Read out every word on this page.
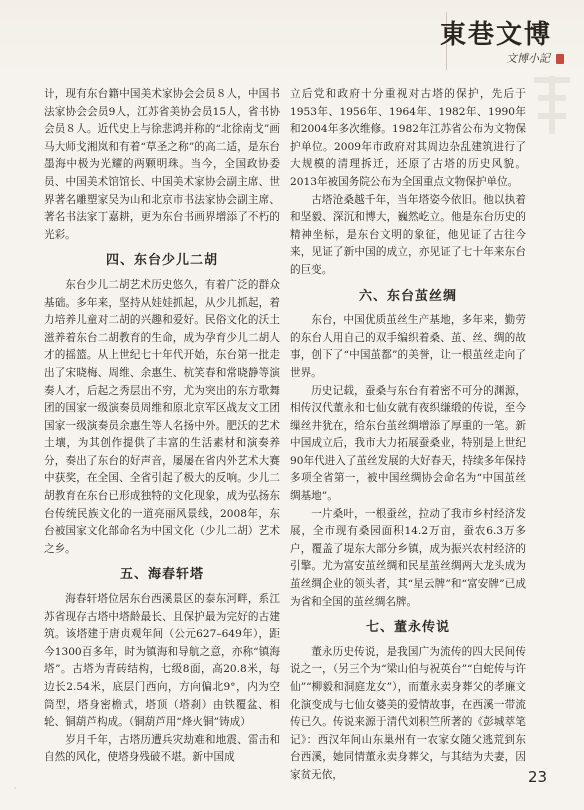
東巷文博
文博小記

计，现有东台籍中国美术家协会会员８人，中国书法家协会会员9人，江苏省美协会员15人，省书协会员８人。近代史上与徐悲鸿并称的“北徐南戈”画马大师戈湘岚和有着“草圣之称”的高二适，是东台墨海中极为光耀的两颗明珠。当今，全国政协委员、中国美术馆馆长、中国美术家协会副主席、世界著名雕塑家吴为山和北京市书法家协会副主席、著名书法家丁嘉耕，更为东台书画界增添了不朽的光彩。

四、东台少儿二胡

东台少儿二胡艺术历史悠久，有着广泛的群众基础。多年来，坚持从娃娃抓起，从少儿抓起，着力培养儿童对二胡的兴趣和爱好。民俗文化的沃土滋养着东台二胡教育的生命，成为孕育少儿二胡人才的摇篮。从上世纪七十年代开始，东台第一批走出了宋晓梅、周维、余惠生、杭笑春和常晓静等演奏人才，后起之秀层出不穷，尤为突出的东方歌舞团的国家一级演奏员周维和原北京军区战友文工团国家一级演奏员余惠生等人名扬中外。肥沃的艺术土壤，为其创作提供了丰富的生活素材和演奏养分，奏出了东台的好声音，屡屡在省内外艺术大赛中获奖，在全国、全省引起了极大的反响。少儿二胡教育在东台已形成独特的文化现象，成为弘扬东台传统民族文化的一道亮丽风景线，2008年，东台被国家文化部命名为中国文化（少儿二胡）艺术之乡。

五、海春轩塔

海春轩塔位居东台西溪景区的泰东河畔，系江苏省现存古塔中塔龄最长、且保护最为完好的古建筑。该塔建于唐贞观年间（公元627–649年），距今1300百多年，时为镇海和导航之意，亦称“镇海塔”。古塔为青砖结构，七级8面，高20.8米，每边长2.54米，底层门西向，方向偏北9°，内为空筒型，塔身密檐式，塔顶（塔刹）由铁覆盆、相轮、铜葫芦构成。（铜葫芦用“烽火铜”铸成）

岁月千年，古塔历遭兵灾劫难和地震、雷击和自然的风化，使塔身残破不堪。新中国成

立后党和政府十分重视对古塔的保护，先后于1953年、1956年、1964年、1982年、1990年和2004年多次维修。1982年江苏省公布为文物保护单位。2009年市政府对其周边杂乱建筑进行了大规模的清理拆迁，还原了古塔的历史风貌。2013年被国务院公布为全国重点文物保护单位。

古塔沧桑越千年，当年塔姿今依旧。他以执着和坚毅、深沉和博大，巍然屹立。他是东台历史的精神坐标，是东台文明的象征，他见证了古往今来，见证了新中国的成立，亦见证了七十年来东台的巨变。

六、东台茧丝绸

东台，中国优质茧丝生产基地，多年来，勤劳的东台人用自己的双手编织着桑、茧、丝、绸的故事，创下了“中国茧都”的美誉，让一根茧丝走向了世界。

历史记载，蚕桑与东台有着密不可分的渊源，相传汉代董永和七仙女就有夜织缣缎的传说，至今缫丝井犹在，给东台茧丝绸增添了厚重的一笔。新中国成立后，我市大力拓展蚕桑业，特别是上世纪90年代进入了茧丝发展的大好春天，持续多年保持多项全省第一，被中国丝绸协会命名为“中国茧丝绸基地”。

一片桑叶，一根蚕丝，拉动了我市乡村经济发展，全市现有桑园面积14.2万亩，蚕农6.3万多户，覆盖了堤东大部分乡镇，成为振兴农村经济的引擎。尤为富安茧丝绸和民星茧丝绸两大龙头成为茧丝绸企业的领头者，其“星云牌”和“富安牌”已成为省和全国的茧丝绸名牌。

七、董永传说

董永历史传说，是我国广为流传的四大民间传说之一，（另三个为“梁山伯与祝英台”“白蛇传与许仙”“柳毅和洞庭龙女”），而董永卖身葬父的孝廉文化演变成与七仙女婆美的爱情故事，在西溪一带流传已久。传说来源于清代刘积竺所著的《彭城萃笔记》：西汉年间山东巢州有一农家女随父逃荒到东台西溪，她同情董永卖身葬父，与其结为夫妻，因家贫无依，	23
